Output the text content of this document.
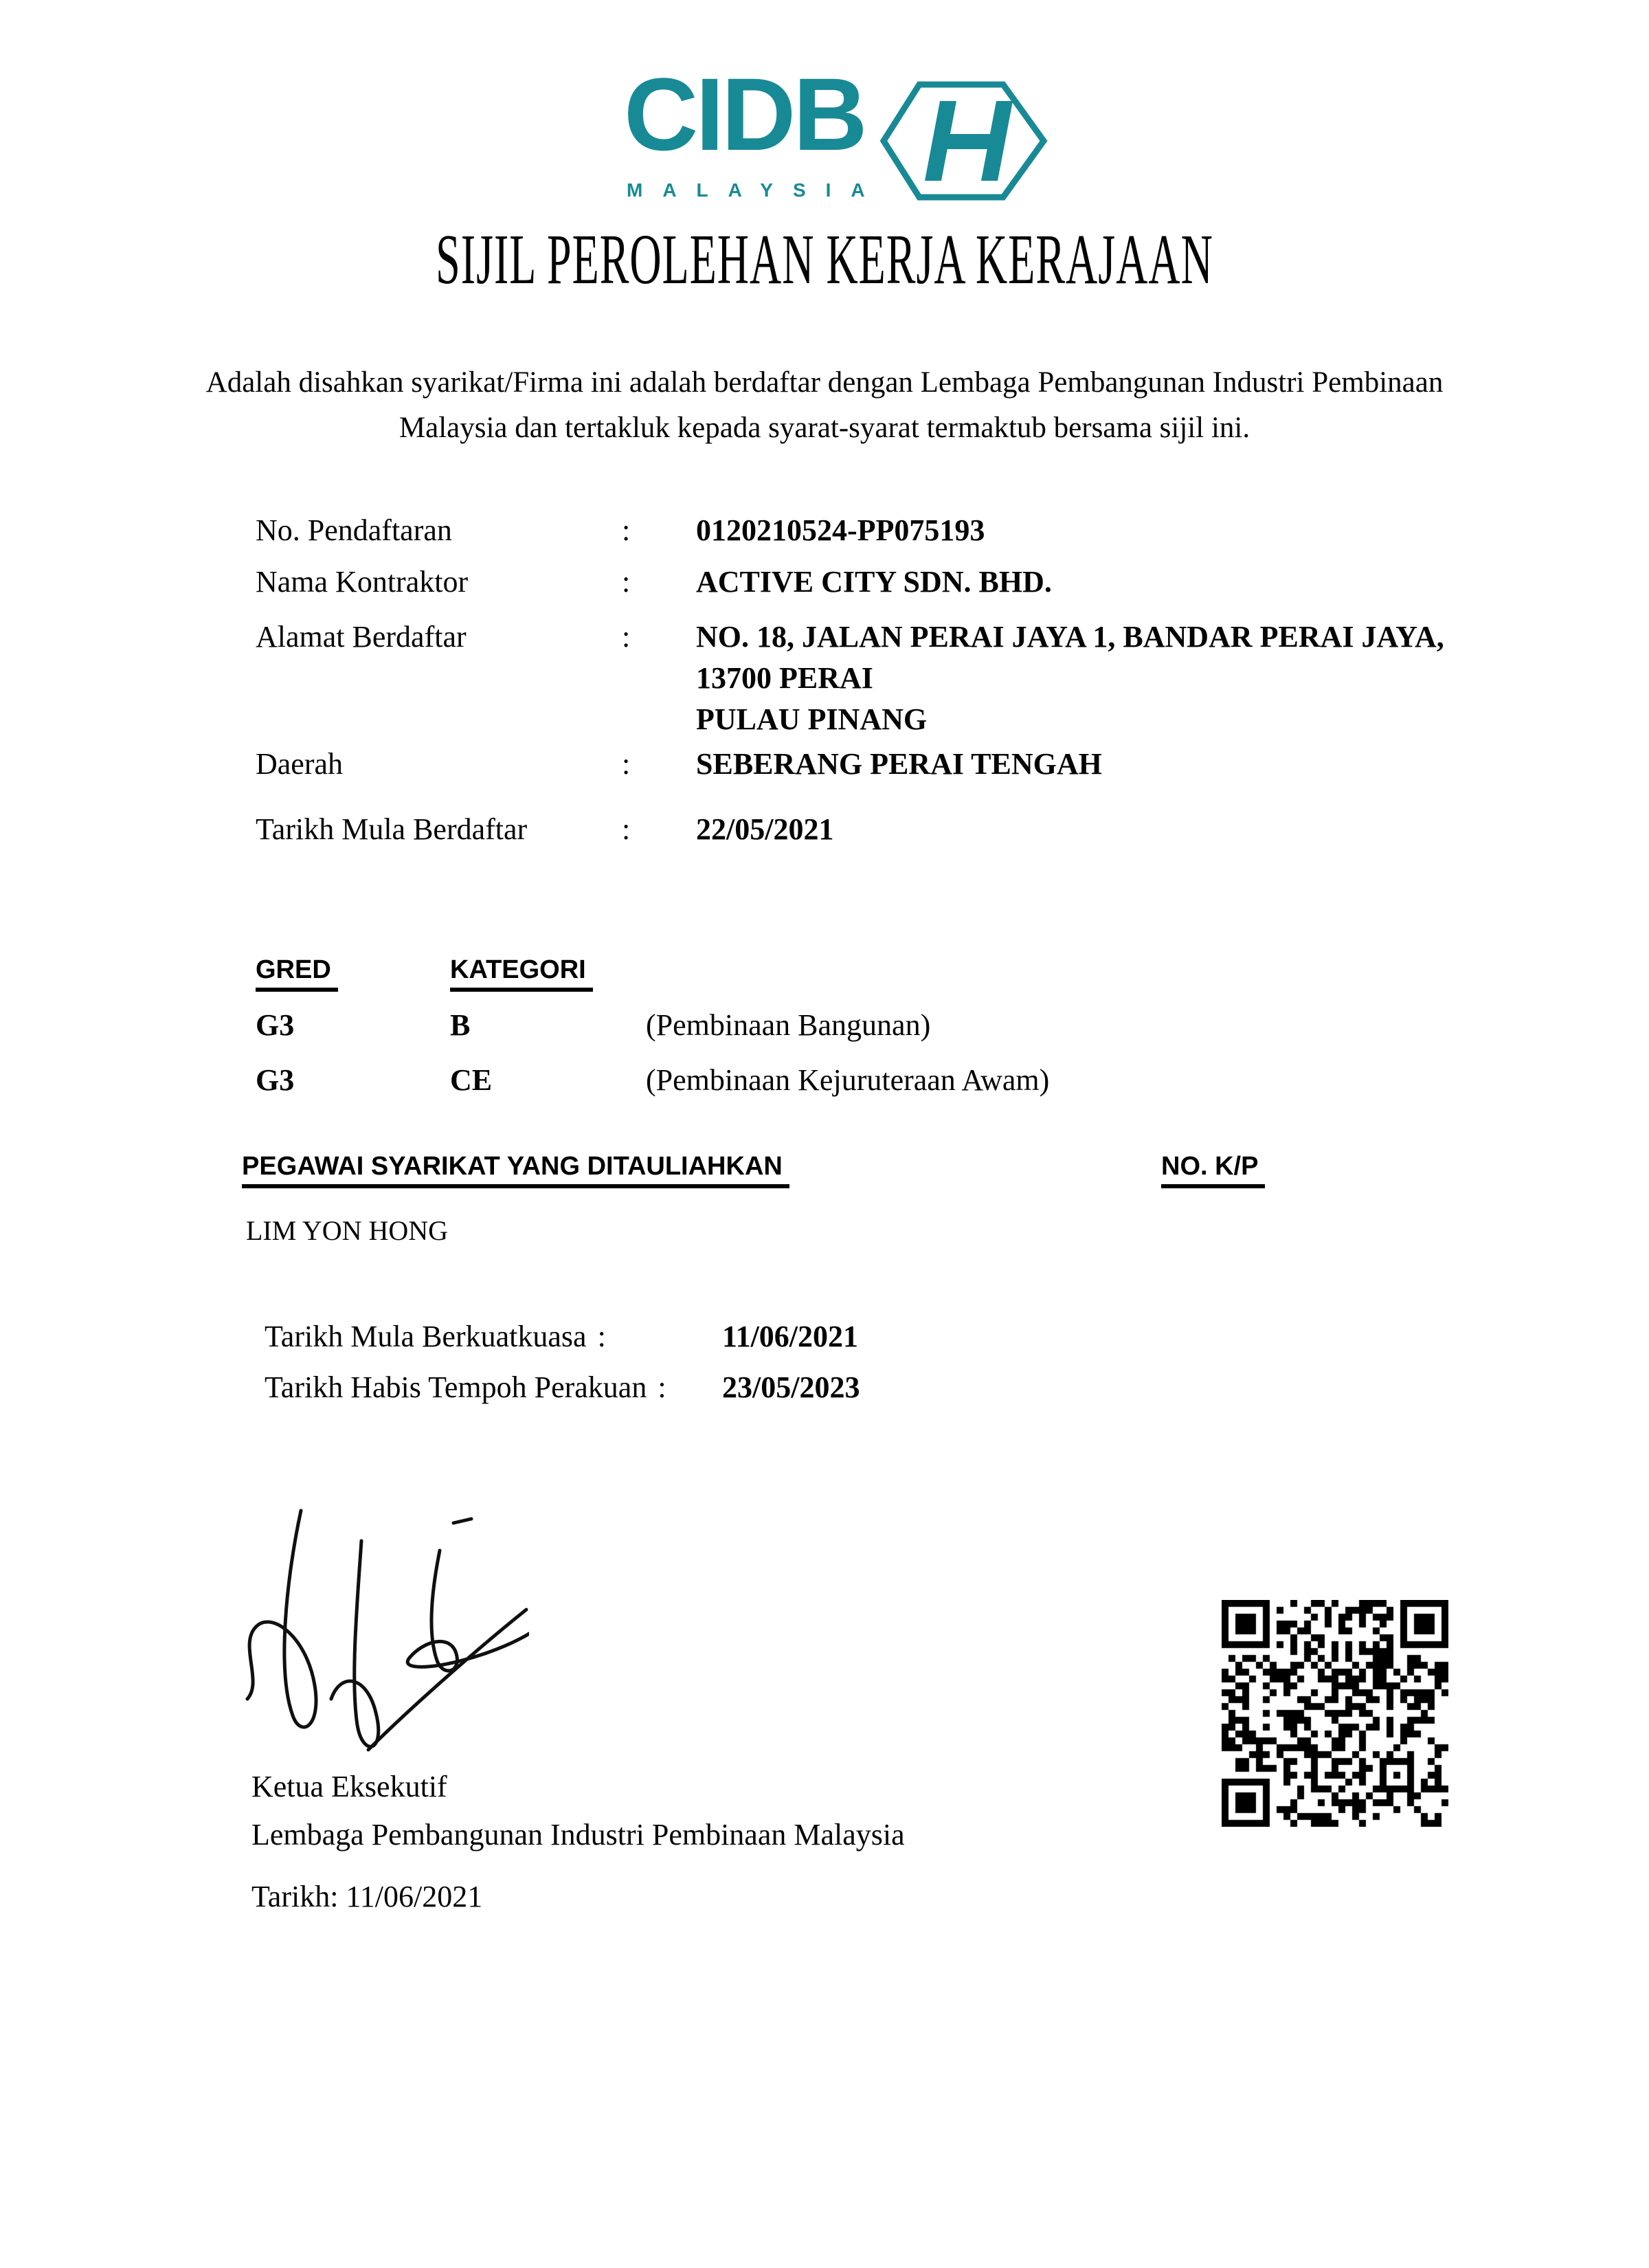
CIDB
MALAYSIA
SIJIL PEROLEHAN KERJA KERAJAAN
Adalah disahkan syarikat/Firma ini adalah berdaftar dengan Lembaga Pembangunan Industri Pembinaan
Malaysia dan tertakluk kepada syarat-syarat termaktub bersama sijil ini.
No. Pendaftaran	: 0120210524-PP075193
Nama Kontraktor	: ACTIVE CITY SDN. BHD.
Alamat Berdaftar	: NO. 18, JALAN PERAI JAYA 1, BANDAR PERAI JAYA,
13700 PERAI
PULAU PINANG
Daerah	: SEBERANG PERAI TENGAH
Tarikh Mula Berdaftar	: 22/05/2021
GRED	KATEGORI
G3	B	(Pembinaan Bangunan)
G3	CE	(Pembinaan Kejuruteraan Awam)
PEGAWAI SYARIKAT YANG DITAULIAHKAN	NO. K/P
LIM YON HONG
Tarikh Mula Berkuatkuasa :	11/06/2021
Tarikh Habis Tempoh Perakuan : 23/05/2023
Ketua Eksekutif
Lembaga Pembangunan Industri Pembinaan Malaysia
Tarikh: 11/06/2021
